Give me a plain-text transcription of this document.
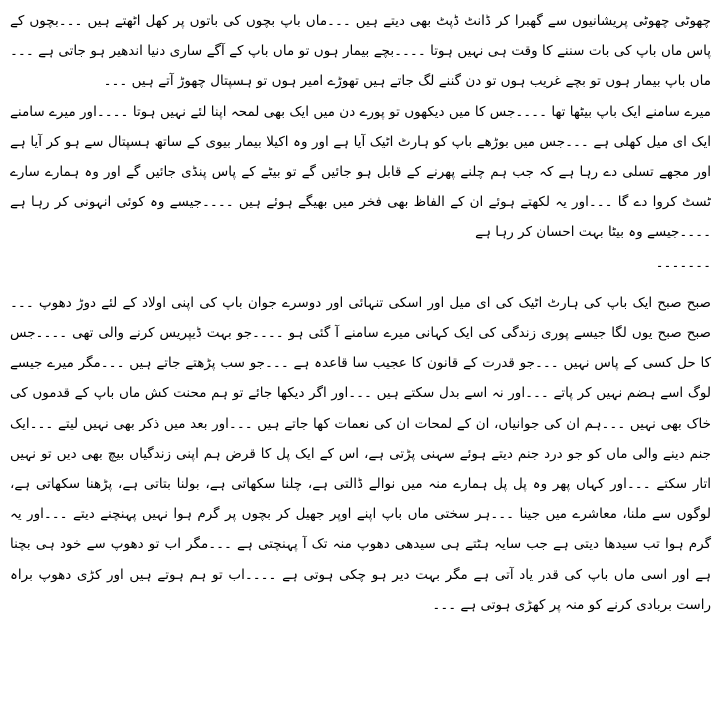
چھوٹی چھوٹی پریشانیوں سے گھبرا کر ڈانٹ ڈپٹ بھی دیتے ہیں ۔۔۔ماں باپ بچوں کی باتوں پر کھل اٹھتے ہیں ۔۔۔بچوں کے پاس ماں باپ کی بات سننے کا وقت ہی نہیں ہوتا ۔۔۔۔بچے بیمار ہوں تو ماں باپ کے آگے ساری دنیا اندھیر ہو جاتی ہے ۔۔۔ماں باپ بیمار ہوں تو بچے غریب ہوں تو دن گننے لگ جاتے ہیں تھوڑے امیر ہوں تو ہسپتال چھوڑ آتے ہیں ۔۔۔

میرے سامنے ایک باپ بیٹھا تھا ۔۔۔۔جس کا میں دیکھوں تو پورے دن میں ایک بھی لمحہ اپنا لئے نہیں ہوتا ۔۔۔۔اور میرے سامنے ایک ای میل کھلی ہے ۔۔۔جس میں بوڑھے باپ کو ہارٹ اٹیک آیا ہے اور وہ اکیلا بیمار بیوی کے ساتھ ہسپتال سے ہو کر آیا ہے اور مجھے تسلی دے رہا ہے کہ جب ہم چلنے پھرنے کے قابل ہو جائیں گے تو بیٹے کے پاس پنڈی جائیں گے اور وہ ہمارے سارے ٹسٹ کروا دے گا ۔۔۔اور یہ لکھتے ہوئے ان کے الفاظ بھی فخر میں بھیگے ہوئے ہیں ۔۔۔۔جیسے وہ کوئی انہونی کر رہا ہے ۔۔۔۔جیسے وہ بیٹا بہت احسان کر رہا ہے

۔۔۔۔۔۔۔

صبح صبح ایک باپ کی ہارٹ اٹیک کی ای میل اور اسکی تنہائی اور دوسرے جوان باپ کی اپنی اولاد کے لئے دوڑ دھوپ ۔۔۔صبح صبح یوں لگا جیسے پوری زندگی کی ایک کہانی میرے سامنے آ گئی ہو ۔۔۔۔جو بہت ڈیپریس کرنے والی تھی ۔۔۔۔جس کا حل کسی کے پاس نہیں ۔۔۔جو قدرت کے قانون کا عجیب سا قاعدہ ہے ۔۔۔جو سب پڑھتے جاتے ہیں ۔۔۔مگر میرے جیسے لوگ اسے ہضم نہیں کر پاتے ۔۔۔اور نہ اسے بدل سکتے ہیں ۔۔۔اور اگر دیکھا جائے تو ہم محنت کش ماں باپ کے قدموں کی خاک بھی نہیں ۔۔۔ہم ان کی جوانیاں، ان کے لمحات ان کی نعمات کھا جاتے ہیں ۔۔۔اور بعد میں ذکر بھی نہیں لیتے ۔۔۔ایک جنم دینے والی ماں کو جو درد جنم دیتے ہوئے سہنی پڑتی ہے، اس کے ایک پل کا قرض ہم اپنی زندگیاں بیچ بھی دیں تو نہیں اتار سکتے ۔۔۔اور کہاں پھر وہ پل پل ہمارے منہ میں نوالے ڈالتی ہے، چلنا سکھاتی ہے، بولنا بتاتی ہے، پڑھنا سکھاتی ہے، لوگوں سے ملنا، معاشرے میں جینا ۔۔۔ہر سختی ماں باپ اپنے اوپر جھیل کر بچوں پر گرم ہوا نہیں پہنچنے دیتے ۔۔۔اور یہ گرم ہوا تب سیدھا دیتی ہے جب سایہ ہٹتے ہی سیدھی دھوپ منہ تک آ پہنچتی ہے ۔۔۔مگر اب تو دھوپ سے خود ہی بچنا ہے اور اسی ماں باپ کی قدر یاد آتی ہے مگر بہت دیر ہو چکی ہوتی ہے ۔۔۔۔اب تو ہم ہوتے ہیں اور کڑی دھوپ براہ راست بربادی کرنے کو منہ پر کھڑی ہوتی ہے ۔۔۔
